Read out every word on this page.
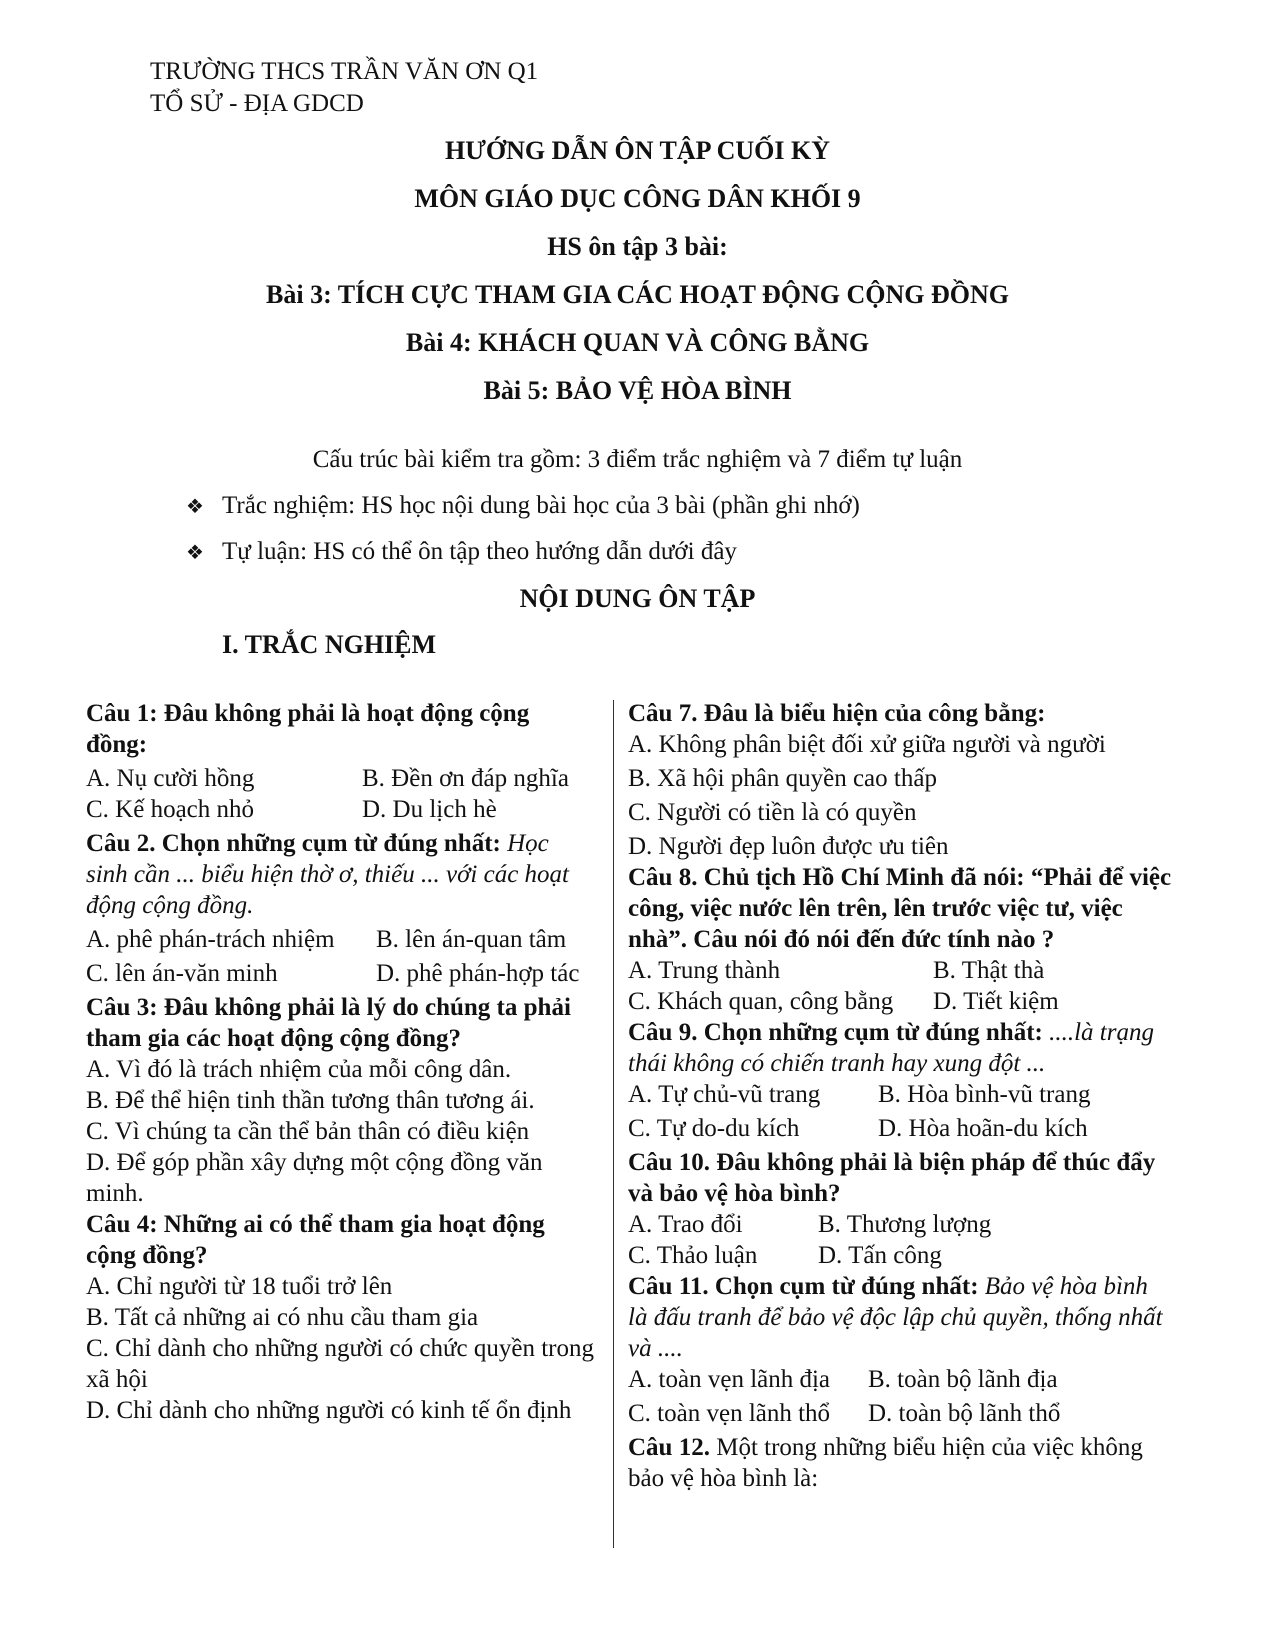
TRƯỜNG THCS TRẦN VĂN ƠN Q1
TỔ SỬ - ĐỊA GDCD
HƯỚNG DẪN ÔN TẬP CUỐI KỲ
MÔN GIÁO DỤC CÔNG DÂN KHỐI 9
HS ôn tập 3 bài:
Bài 3: TÍCH CỰC THAM GIA CÁC HOẠT ĐỘNG CỘNG ĐỒNG
Bài 4: KHÁCH QUAN VÀ CÔNG BẰNG
Bài 5: BẢO VỆ HÒA BÌNH
Cấu trúc bài kiểm tra gồm: 3 điểm trắc nghiệm và 7 điểm tự luận
❖ Trắc nghiệm: HS học nội dung bài học của 3 bài (phần ghi nhớ)
❖ Tự luận: HS có thể ôn tập theo hướng dẫn dưới đây
NỘI DUNG ÔN TẬP
I. TRẮC NGHIỆM

Câu 1: Đâu không phải là hoạt động cộng đồng:

A. Nụ cười hồng	B. Đền ơn đáp nghĩa
C. Kế hoạch nhỏ	D. Du lịch hè

Câu 2. Chọn những cụm từ đúng nhất: Học sinh cần ... biểu hiện thờ ơ, thiếu ... với các hoạt động cộng đồng.

A. phê phán-trách nhiệm	B. lên án-quan tâm
C. lên án-văn minh	D. phê phán-hợp tác

Câu 3: Đâu không phải là lý do chúng ta phải tham gia các hoạt động cộng đồng?

A. Vì đó là trách nhiệm của mỗi công dân.

B. Để thể hiện tinh thần tương thân tương ái.

C. Vì chúng ta cần thể bản thân có điều kiện

D. Để góp phần xây dựng một cộng đồng văn minh.

Câu 4: Những ai có thể tham gia hoạt động cộng đồng?

A. Chỉ người từ 18 tuổi trở lên

B. Tất cả những ai có nhu cầu tham gia

C. Chỉ dành cho những người có chức quyền trong xã hội

D. Chỉ dành cho những người có kinh tế ổn định

Câu 7. Đâu là biểu hiện của công bằng:

A. Không phân biệt đối xử giữa người và người

B. Xã hội phân quyền cao thấp

C. Người có tiền là có quyền

D. Người đẹp luôn được ưu tiên

Câu 8. Chủ tịch Hồ Chí Minh đã nói: “Phải để việc công, việc nước lên trên, lên trước việc tư, việc nhà”. Câu nói đó nói đến đức tính nào ?

A. Trung thành	B. Thật thà
C. Khách quan, công bằng	D. Tiết kiệm

Câu 9. Chọn những cụm từ đúng nhất: ....là trạng thái không có chiến tranh hay xung đột ...

A. Tự chủ-vũ trang	B. Hòa bình-vũ trang
C. Tự do-du kích	D. Hòa hoãn-du kích

Câu 10. Đâu không phải là biện pháp để thúc đẩy và bảo vệ hòa bình?

A. Trao đổi	B. Thương lượng
C. Thảo luận	D. Tấn công

Câu 11. Chọn cụm từ đúng nhất: Bảo vệ hòa bình là đấu tranh để bảo vệ độc lập chủ quyền, thống nhất và ....

A. toàn vẹn lãnh địa	B. toàn bộ lãnh địa
C. toàn vẹn lãnh thổ	D. toàn bộ lãnh thổ

Câu 12. Một trong những biểu hiện của việc không bảo vệ hòa bình là:
